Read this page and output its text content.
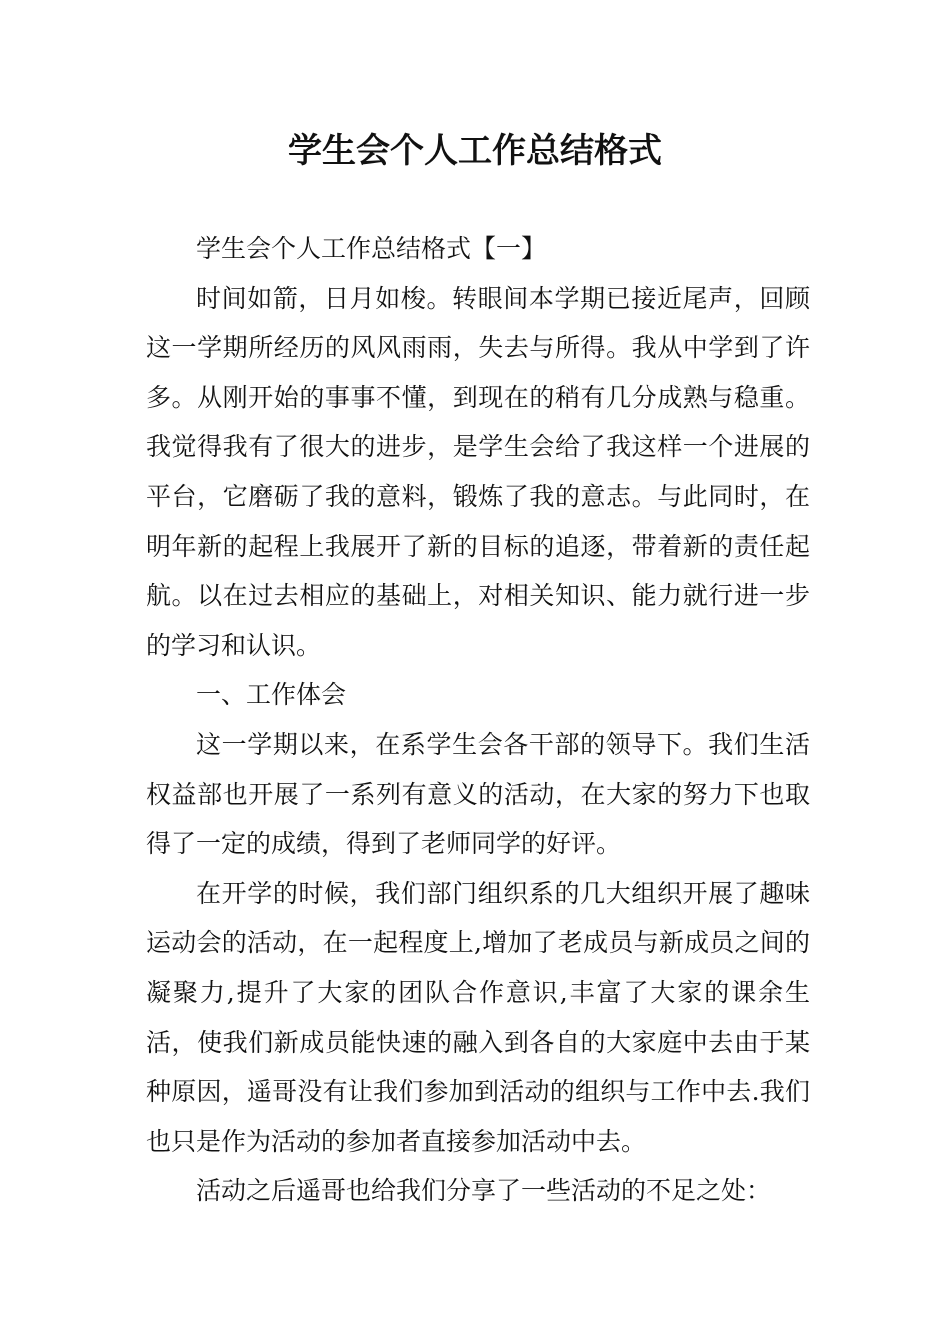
学生会个人工作总结格式

学生会个人工作总结格式【一】

时间如箭，日月如梭。转眼间本学期已接近尾声，回顾这一学期所经历的风风雨雨，失去与所得。我从中学到了许多。从刚开始的事事不懂，到现在的稍有几分成熟与稳重。我觉得我有了很大的进步，是学生会给了我这样一个进展的平台，它磨砺了我的意料，锻炼了我的意志。与此同时，在明年新的起程上我展开了新的目标的追逐，带着新的责任起航。以在过去相应的基础上，对相关知识、能力就行进一步的学习和认识。

一、工作体会

这一学期以来，在系学生会各干部的领导下。我们生活权益部也开展了一系列有意义的活动，在大家的努力下也取得了一定的成绩，得到了老师同学的好评。

在开学的时候，我们部门组织系的几大组织开展了趣味运动会的活动，在一起程度上,增加了老成员与新成员之间的凝聚力,提升了大家的团队合作意识,丰富了大家的课余生活，使我们新成员能快速的融入到各自的大家庭中去由于某种原因，遥哥没有让我们参加到活动的组织与工作中去.我们也只是作为活动的参加者直接参加活动中去。

活动之后遥哥也给我们分享了一些活动的不足之处：
